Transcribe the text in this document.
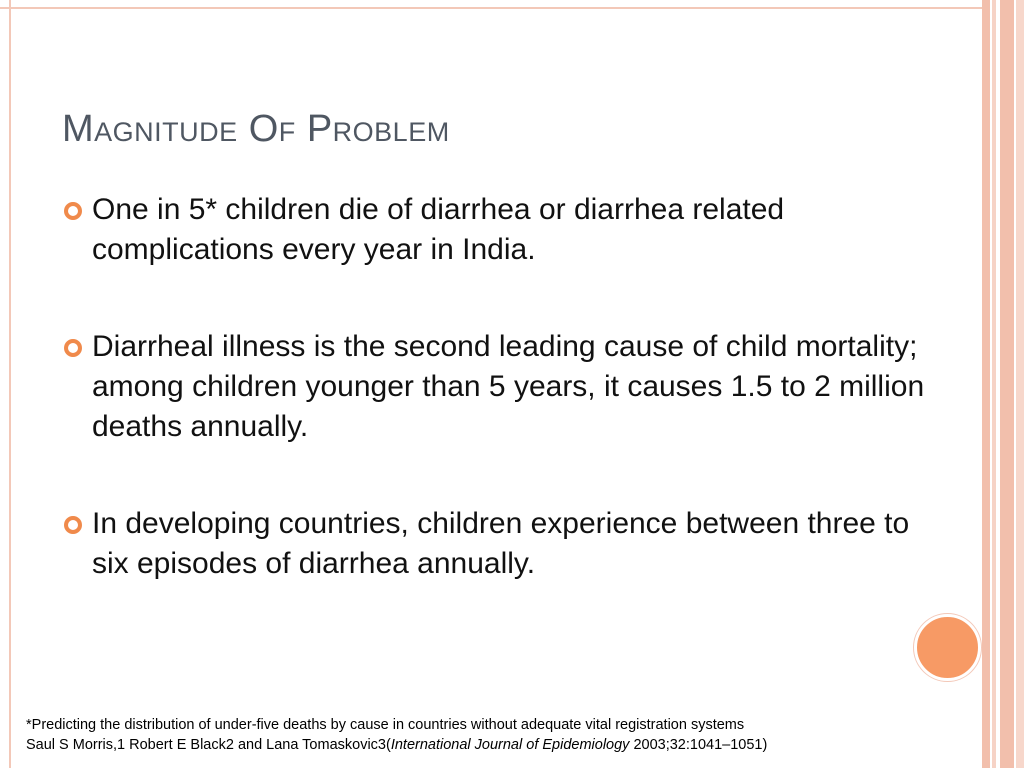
Magnitude Of Problem
One in 5* children die of diarrhea or diarrhea related complications every year in India.
Diarrheal illness is the second leading cause of child mortality; among children younger than 5 years, it causes 1.5 to 2 million deaths annually.
In developing countries, children experience between three to six episodes of diarrhea annually.

*Predicting the distribution of under-five deaths by cause in countries without adequate vital registration systems

Saul S Morris,1 Robert E Black2 and Lana Tomaskovic3(International Journal of Epidemiology 2003;32:1041–1051)
